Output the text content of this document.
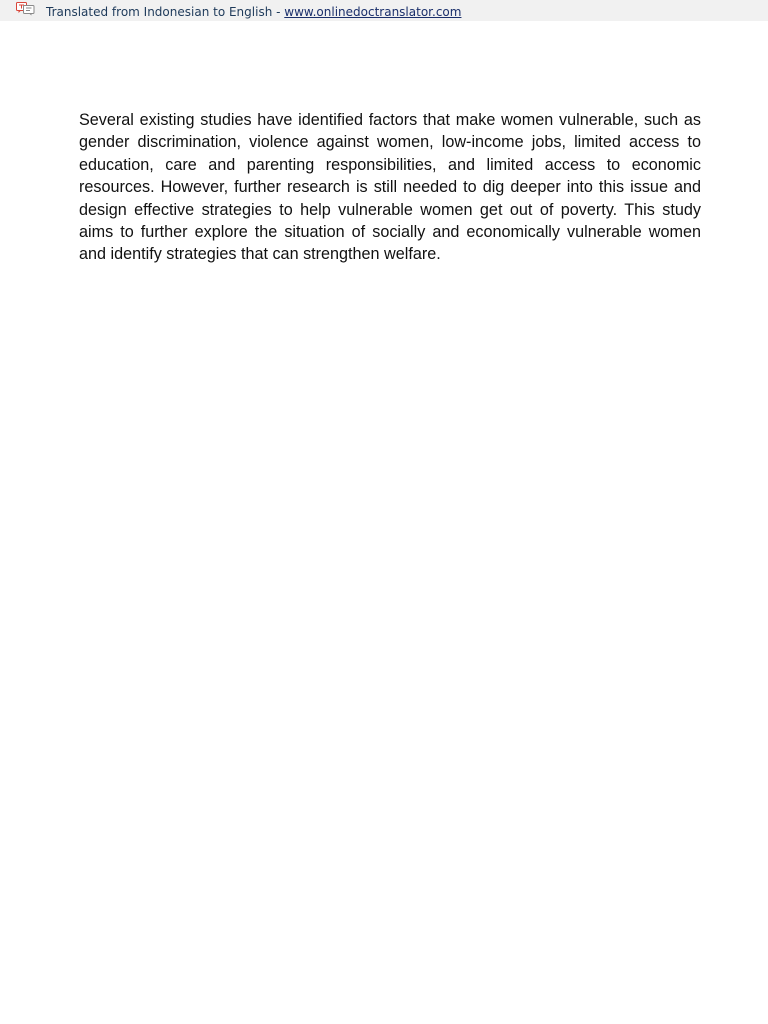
Translated from Indonesian to English - www.onlinedoctranslator.com

Several existing studies have identified factors that make women vulnerable, such as gender discrimination, violence against women, low-income jobs, limited access to education, care and parenting responsibilities, and limited access to economic resources. However, further research is still needed to dig deeper into this issue and design effective strategies to help vulnerable women get out of poverty. This study aims to further explore the situation of socially and economically vulnerable women and identify strategies that can strengthen welfare.
